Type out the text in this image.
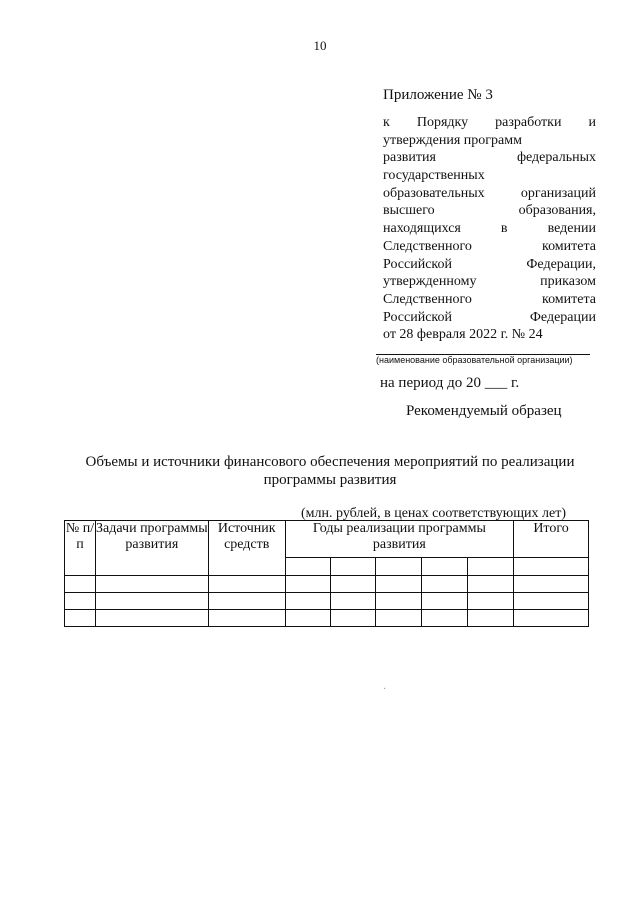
10
Приложение № 3
к Порядку разработки и
утверждения программ
развития федеральных
государственных
образовательных организаций
высшего образования,
находящихся в ведении
Следственного комитета
Российской Федерации,
утвержденному приказом
Следственного комитета
Российской Федерации
от 28 февраля 2022 г. № 24
(наименование образовательной организации)
на период до 20 ___ г.
Рекомендуемый образец
Объемы и источники финансового обеспечения мероприятий по реализации
программы развития
(млн. рублей, в ценах соответствующих лет)
№ п/п	Задачи программы развития	Источник средств	Годы реализации программы развития					Итого

·
